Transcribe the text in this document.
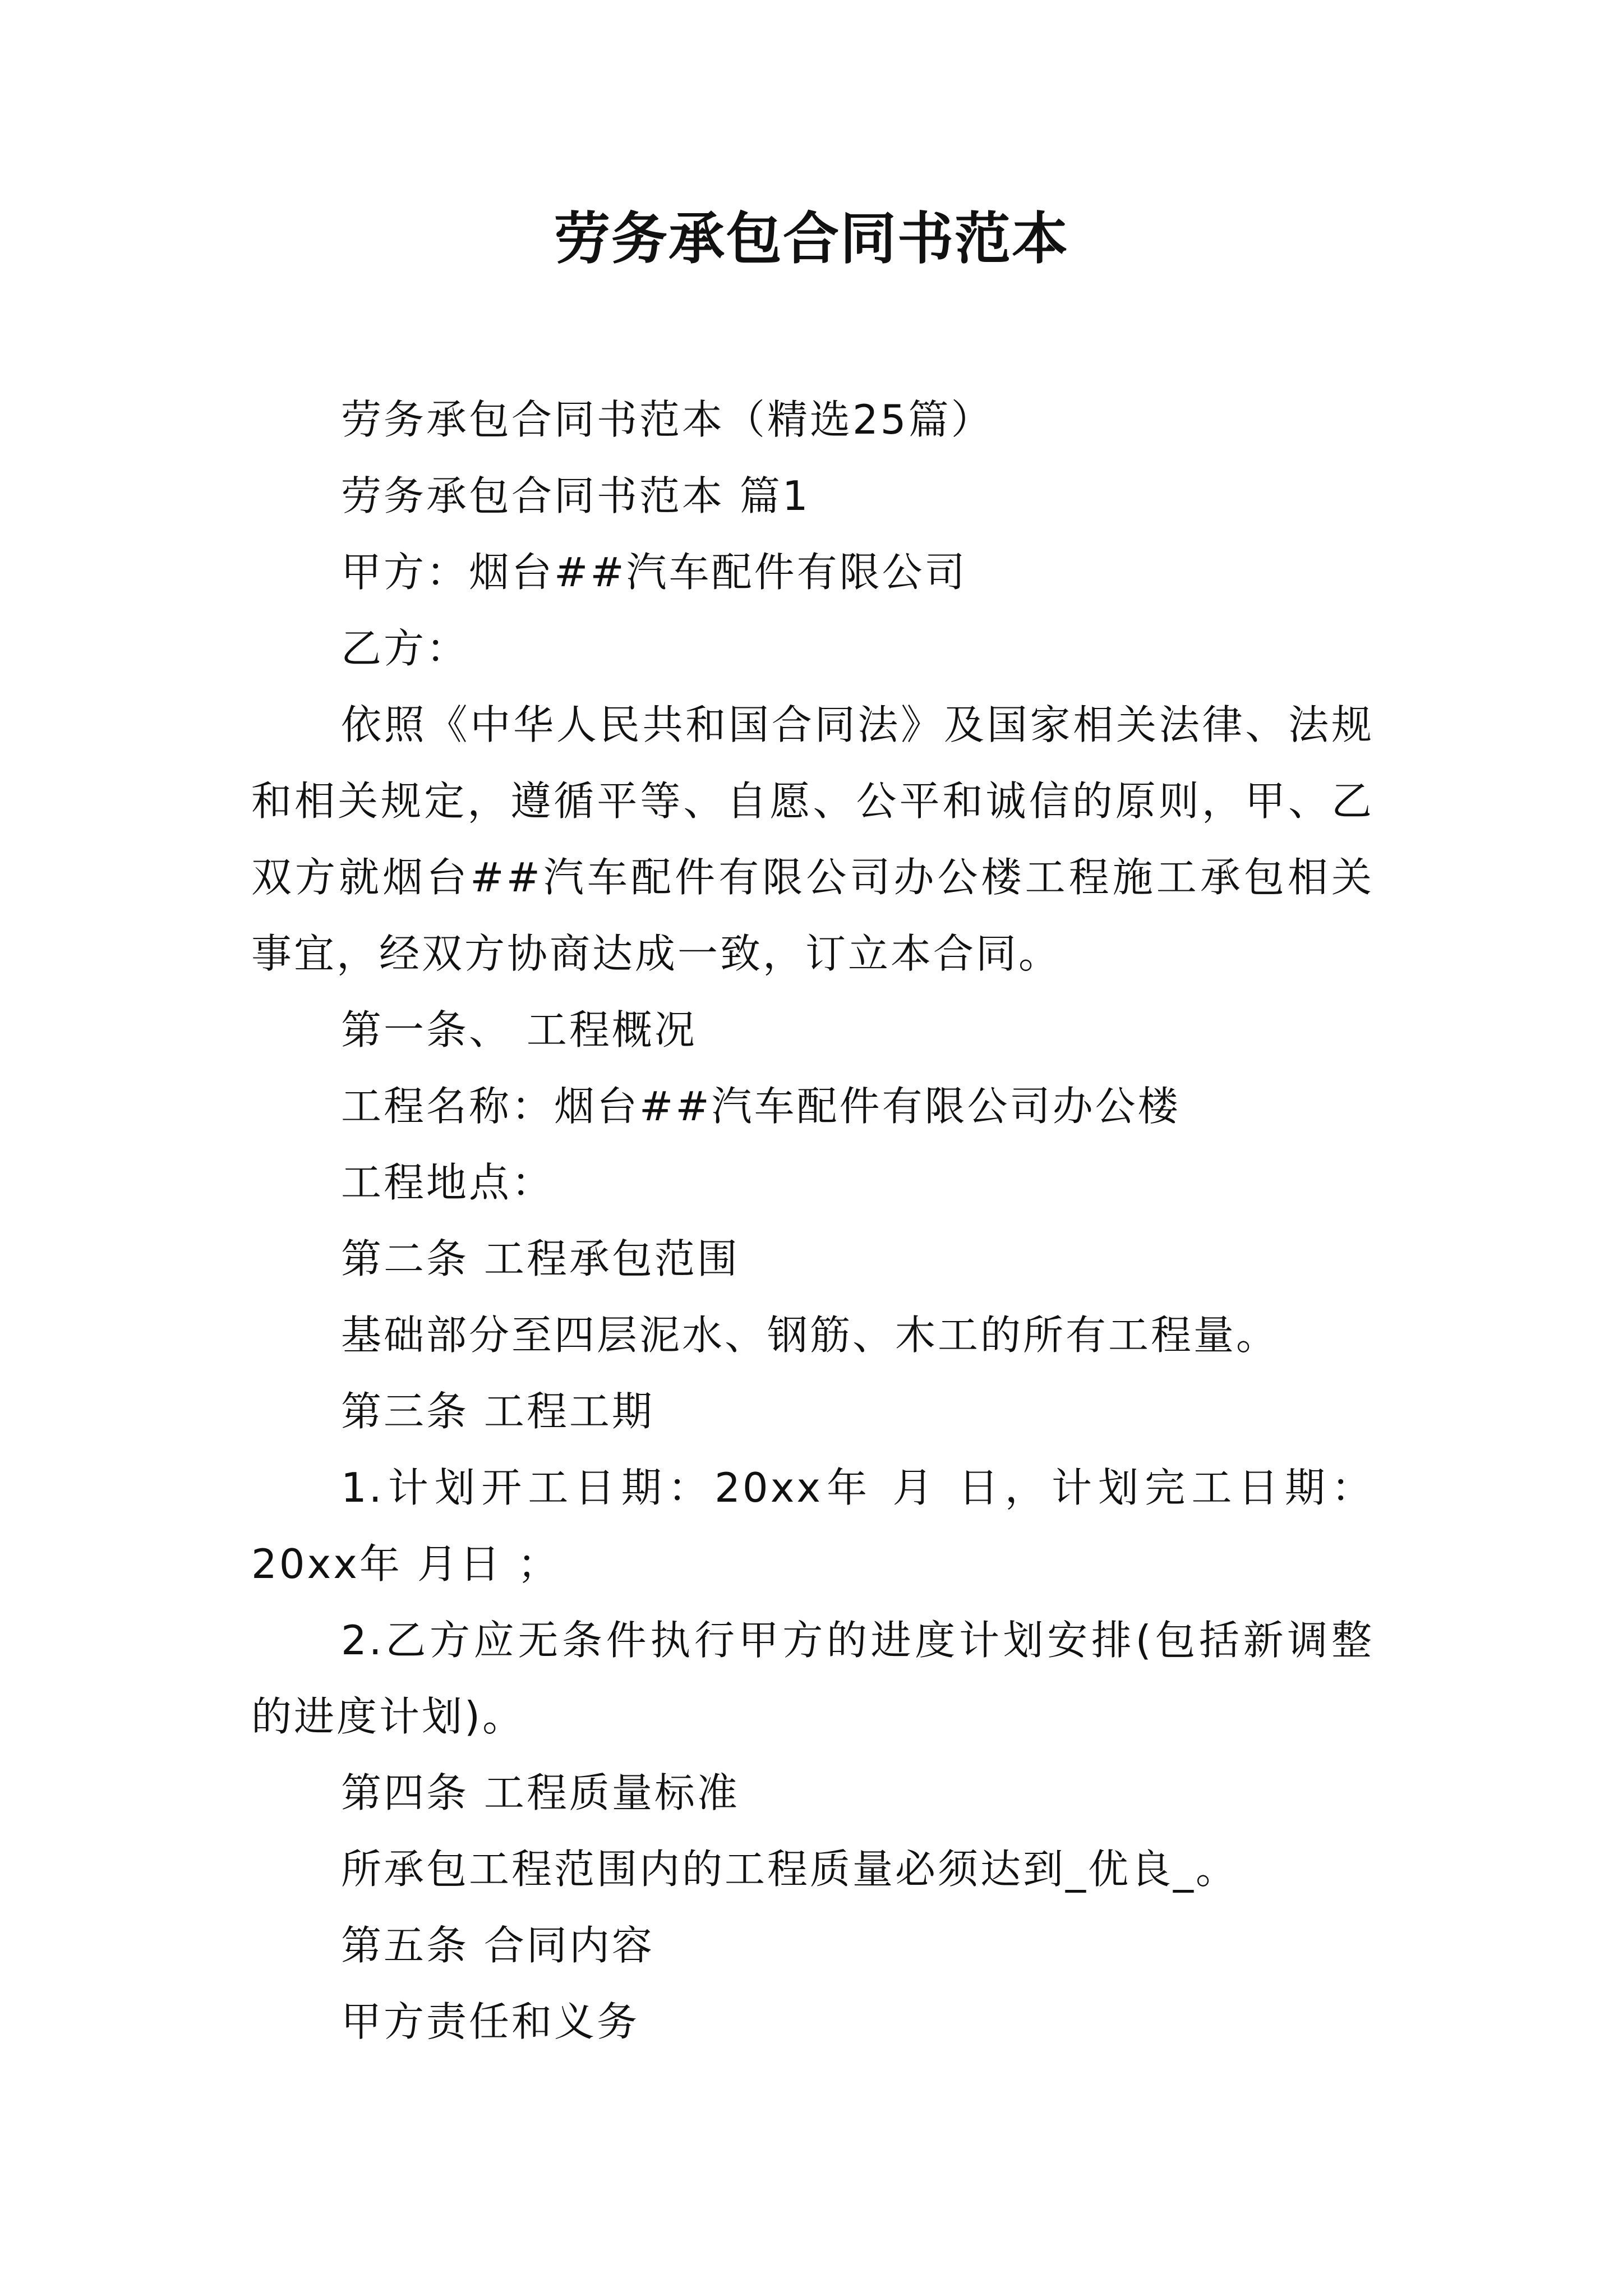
劳务承包合同书范本

劳务承包合同书范本（精选25篇）

劳务承包合同书范本 篇1

甲方：烟台##汽车配件有限公司

乙方：

依照《中华人民共和国合同法》及国家相关法律、法规和相关规定，遵循平等、自愿、公平和诚信的原则，甲、乙双方就烟台##汽车配件有限公司办公楼工程施工承包相关事宜，经双方协商达成一致，订立本合同。

第一条、 工程概况

工程名称：烟台##汽车配件有限公司办公楼

工程地点：

第二条 工程承包范围

基础部分至四层泥水、钢筋、木工的所有工程量。

第三条 工程工期

1.计划开工日期：20xx年 月 日，计划完工日期：20xx年 月日 ；

2.乙方应无条件执行甲方的进度计划安排(包括新调整的进度计划)。

第四条 工程质量标准

所承包工程范围内的工程质量必须达到_优良_。

第五条 合同内容

甲方责任和义务
